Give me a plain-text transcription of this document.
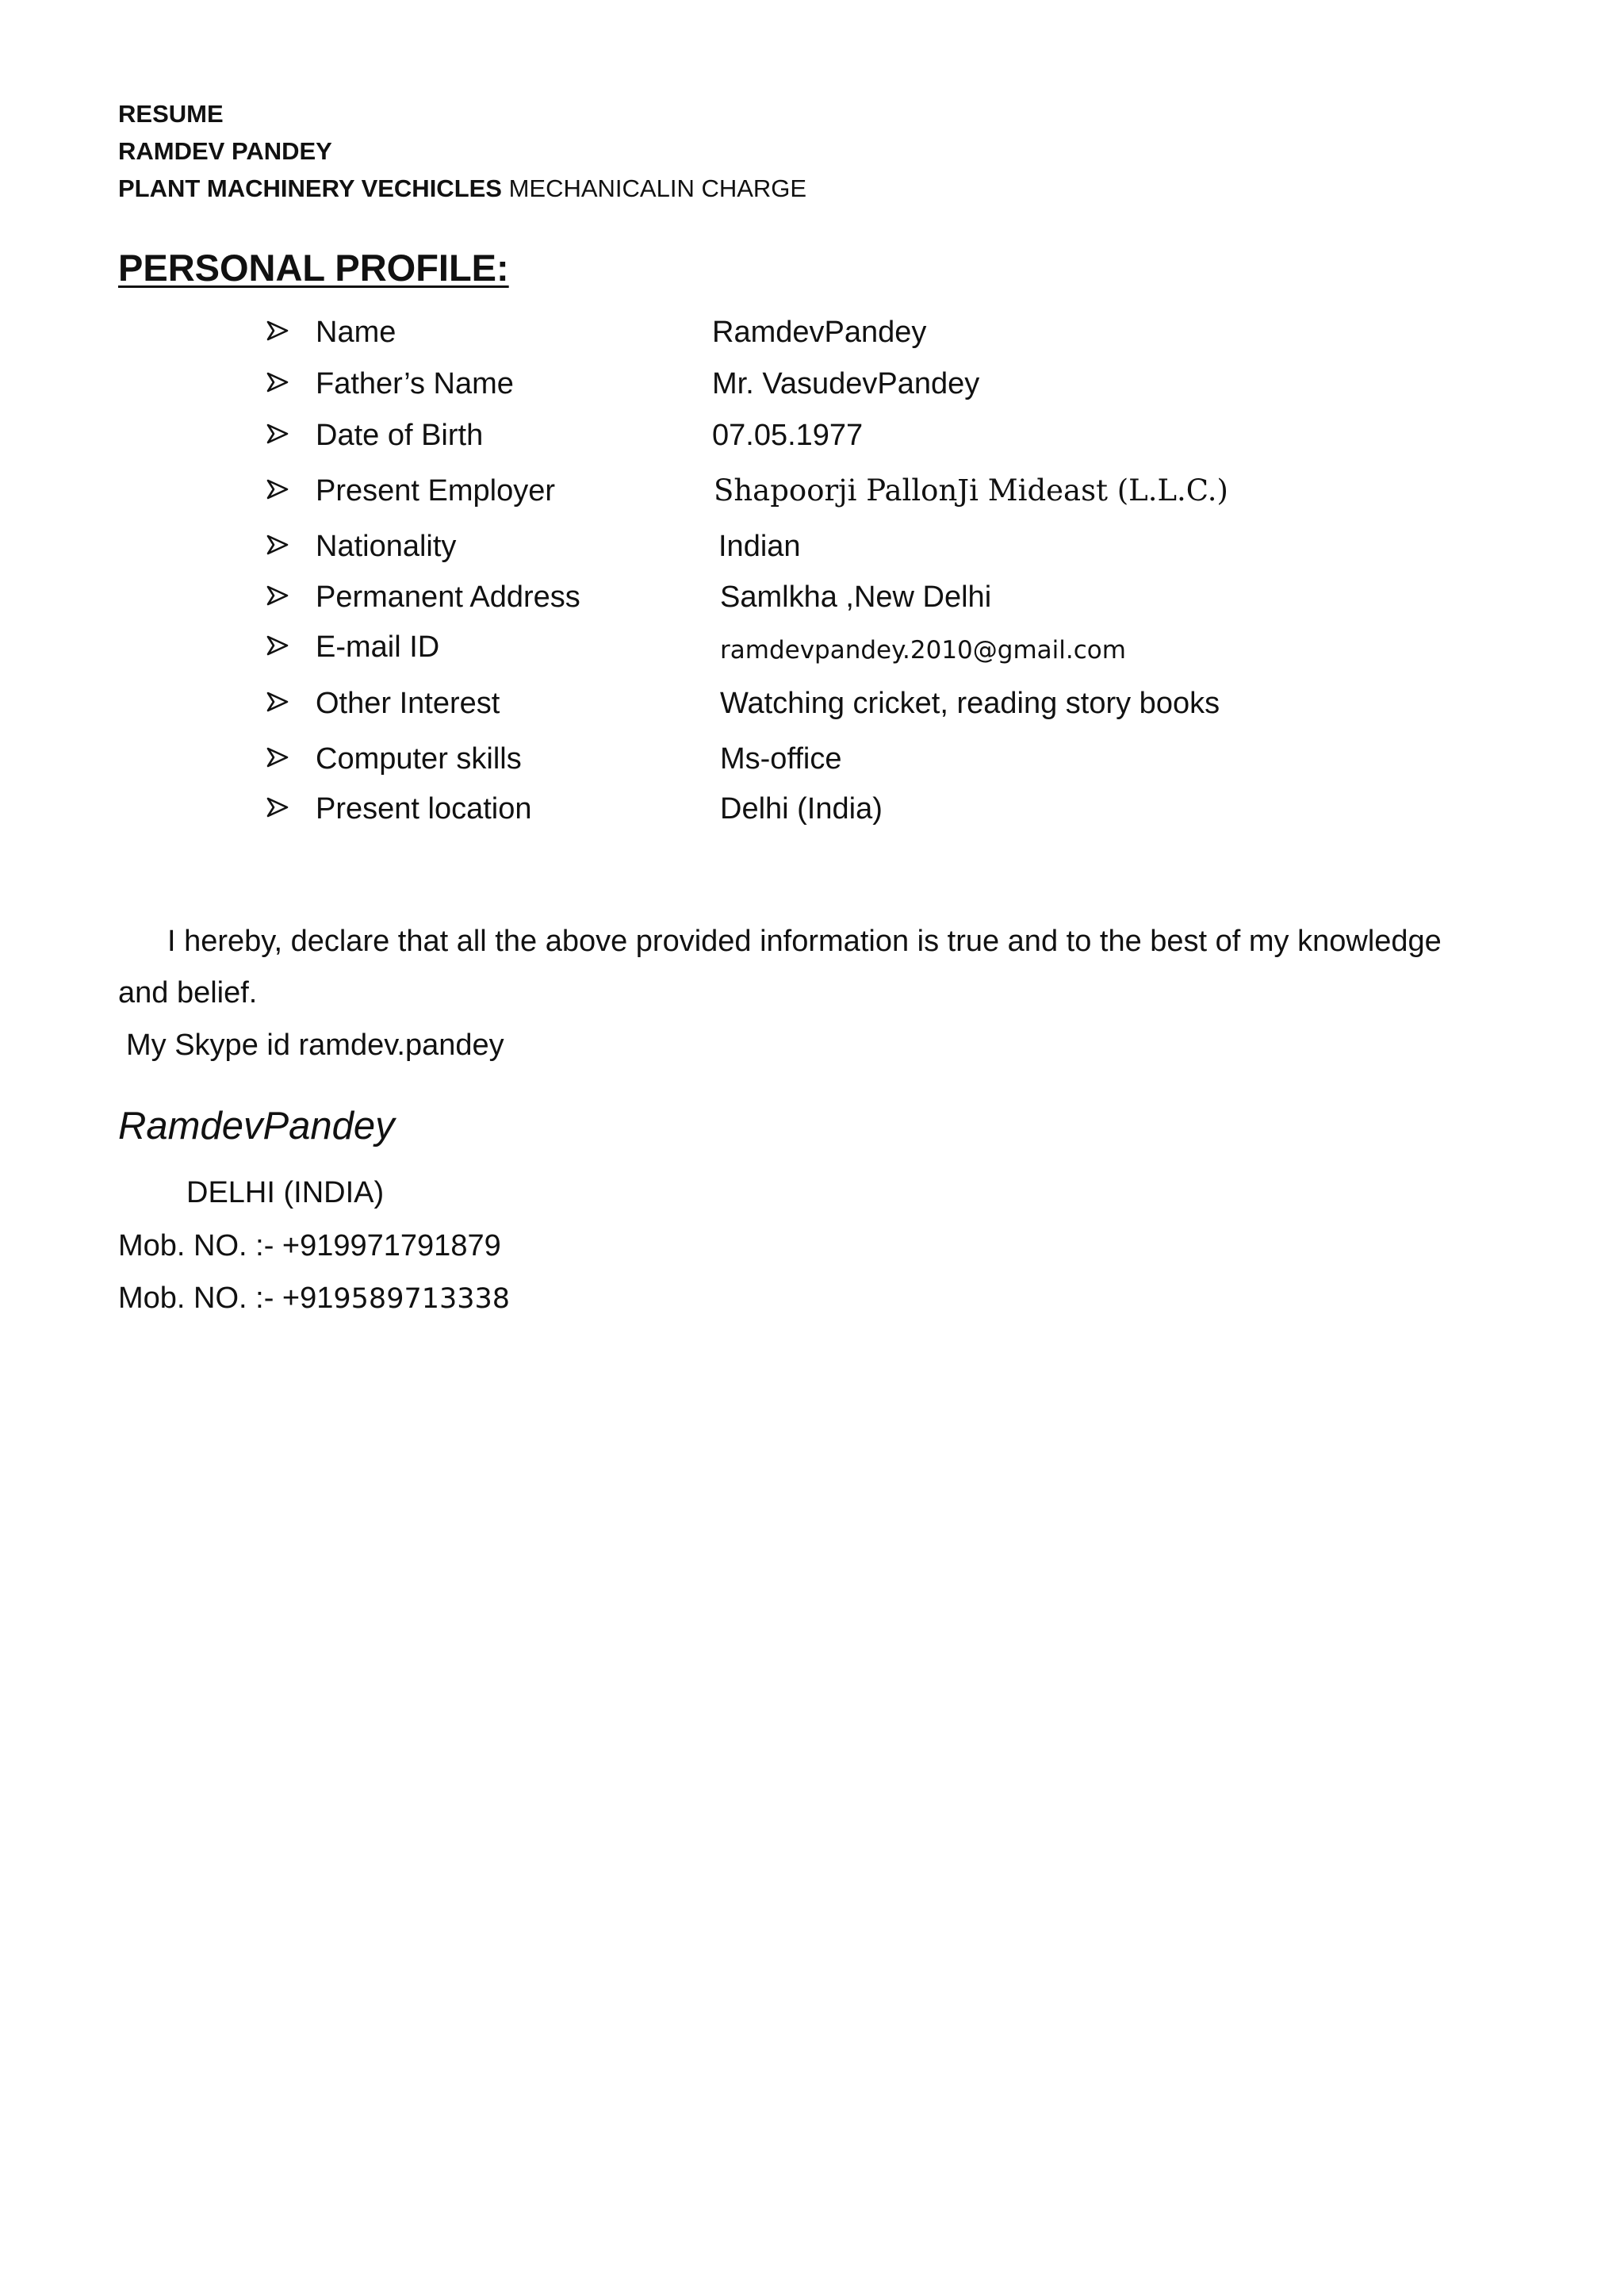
RESUME
RAMDEV PANDEY
PLANT MACHINERY VECHICLES MECHANICALIN CHARGE
PERSONAL PROFILE:
Name	RamdevPandey
Father’s Name	Mr. VasudevPandey
Date of Birth	07.05.1977
Present Employer	Shapoorji PallonJi Mideast (L.L.C.)
Nationality	Indian
Permanent Address	Samlkha ,New Delhi
E-mail ID	ramdevpandey.2010@gmail.com
Other Interest	Watching cricket, reading story books
Computer skills	Ms-office
Present location	Delhi (India)
I hereby, declare that all the above provided information is true and to the best of my knowledge
and belief.
My Skype id ramdev.pandey
RamdevPandey
DELHI (INDIA)
Mob. NO. :- +919971791879
Mob. NO. :- +919589713338
